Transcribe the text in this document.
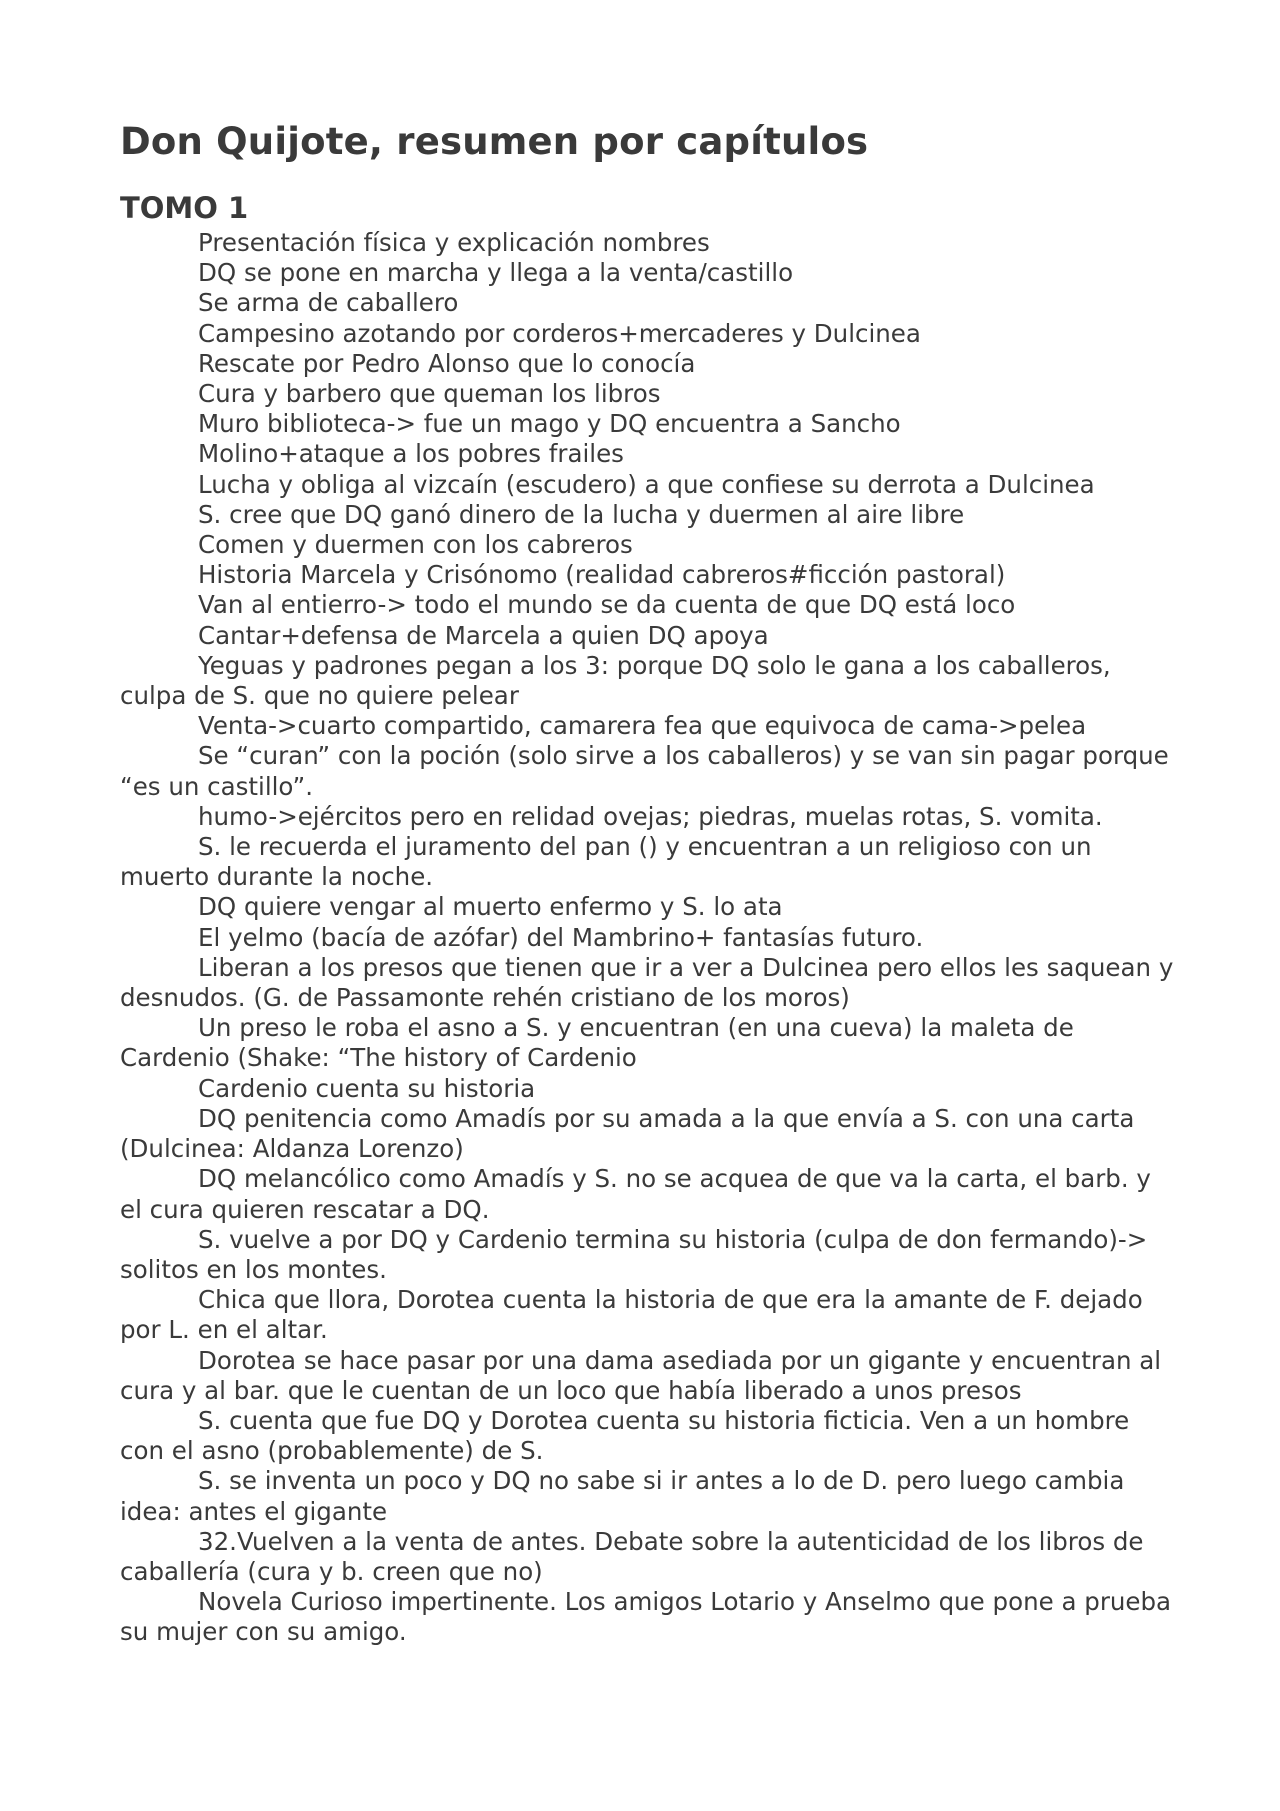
Don Quijote, resumen por capítulos
TOMO 1
Presentación física y explicación nombres
DQ se pone en marcha y llega a la venta/castillo
Se arma de caballero
Campesino azotando por corderos+mercaderes y Dulcinea
Rescate por Pedro Alonso que lo conocía
Cura y barbero que queman los libros
Muro biblioteca-> fue un mago y DQ encuentra a Sancho
Molino+ataque a los pobres frailes
Lucha y obliga al vizcaín (escudero) a que confiese su derrota a Dulcinea
S. cree que DQ ganó dinero de la lucha y duermen al aire libre
Comen y duermen con los cabreros
Historia Marcela y Crisónomo (realidad cabreros#ficción pastoral)
Van al entierro-> todo el mundo se da cuenta de que DQ está loco
Cantar+defensa de Marcela a quien DQ apoya
Yeguas y padrones pegan a los 3: porque DQ solo le gana a los caballeros, culpa de S. que no quiere pelear
Venta->cuarto compartido, camarera fea que equivoca de cama->pelea
Se “curan” con la poción (solo sirve a los caballeros) y se van sin pagar porque “es un castillo”.
humo->ejércitos pero en relidad ovejas; piedras, muelas rotas, S. vomita.
S. le recuerda el juramento del pan () y encuentran a un religioso con un muerto durante la noche.
DQ quiere vengar al muerto enfermo y S. lo ata
El yelmo (bacía de azófar) del Mambrino+ fantasías futuro.
Liberan a los presos que tienen que ir a ver a Dulcinea pero ellos les saquean y desnudos. (G. de Passamonte rehén cristiano de los moros)
Un preso le roba el asno a S. y encuentran (en una cueva) la maleta de Cardenio (Shake: “The history of Cardenio
Cardenio cuenta su historia
DQ penitencia como Amadís por su amada a la que envía a S. con una carta (Dulcinea: Aldanza Lorenzo)
DQ melancólico como Amadís y S. no se acquea de que va la carta, el barb. y el cura quieren rescatar a DQ.
S. vuelve a por DQ y Cardenio termina su historia (culpa de don fermando)-> solitos en los montes.
Chica que llora, Dorotea cuenta la historia de que era la amante de F. dejado por L. en el altar.
Dorotea se hace pasar por una dama asediada por un gigante y encuentran al cura y al bar. que le cuentan de un loco que había liberado a unos presos
S. cuenta que fue DQ y Dorotea cuenta su historia ficticia. Ven a un hombre con el asno (probablemente) de S.
S. se inventa un poco y DQ no sabe si ir antes a lo de D. pero luego cambia idea: antes el gigante
32.Vuelven a la venta de antes. Debate sobre la autenticidad de los libros de caballería (cura y b. creen que no)
Novela Curioso impertinente. Los amigos Lotario y Anselmo que pone a prueba su mujer con su amigo.
